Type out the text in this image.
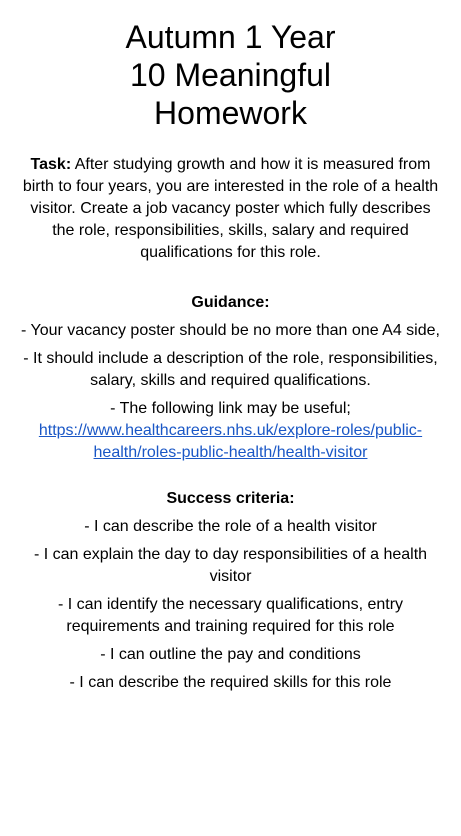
Autumn 1 Year
10 Meaningful
Homework

Task: After studying growth and how it is measured from birth to four years, you are interested in the role of a health visitor. Create a job vacancy poster which fully describes the role, responsibilities, skills, salary and required qualifications for this role.

Guidance:
- Your vacancy poster should be no more than one A4 side,
- It should include a description of the role, responsibilities, salary, skills and required qualifications.
- The following link may be useful;
https://www.healthcareers.nhs.uk/explore-roles/public-health/roles-public-health/health-visitor
Success criteria:
- I can describe the role of a health visitor
- I can explain the day to day responsibilities of a health visitor
- I can identify the necessary qualifications, entry requirements and training required for this role
- I can outline the pay and conditions
- I can describe the required skills for this role
